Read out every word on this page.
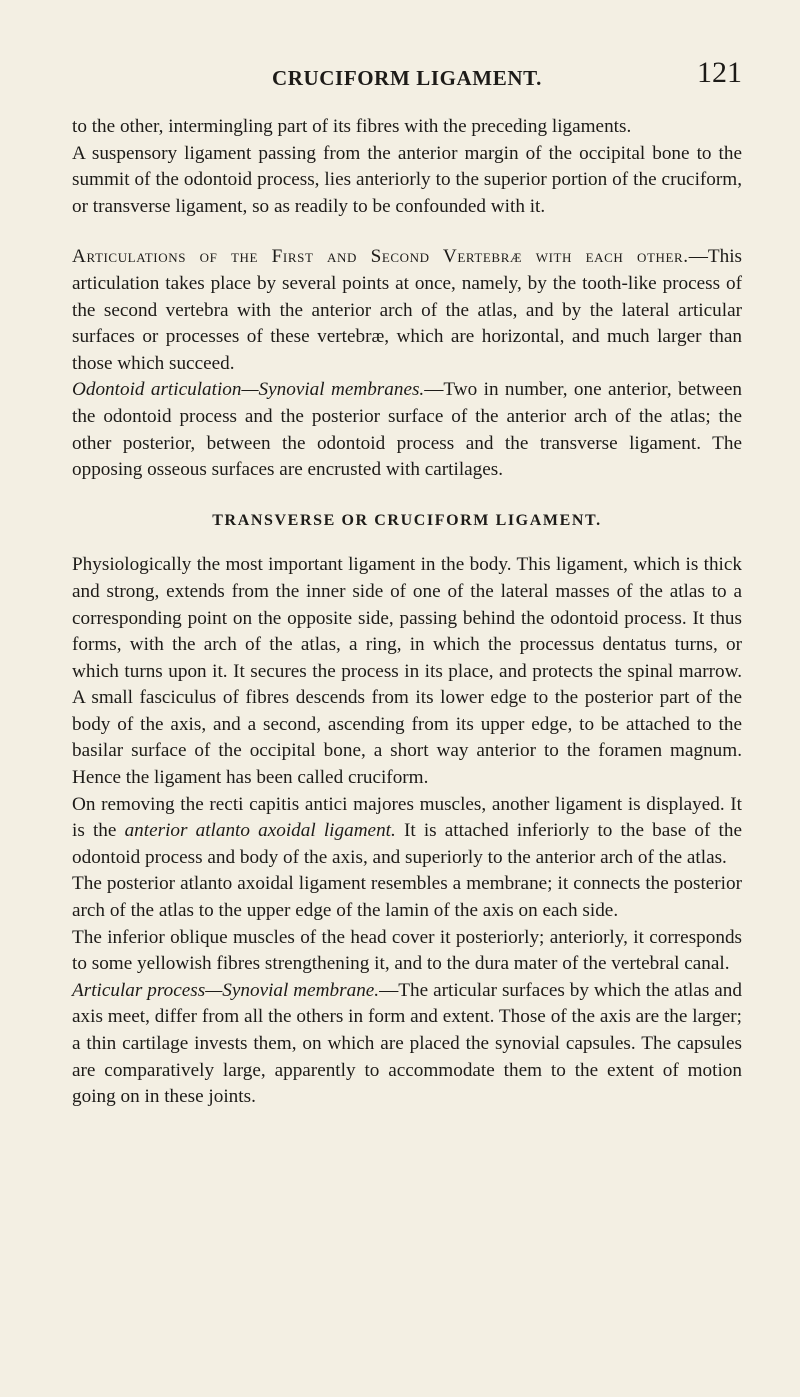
CRUCIFORM LIGAMENT.	121

to the other, intermingling part of its fibres with the preceding ligaments.

A suspensory ligament passing from the anterior margin of the occipital bone to the summit of the odontoid process, lies anteriorly to the superior portion of the cruciform, or transverse ligament, so as readily to be confounded with it.

Articulations of the First and Second Vertebræ with each other.—This articulation takes place by several points at once, namely, by the tooth-like process of the second vertebra with the anterior arch of the atlas, and by the lateral articular surfaces or processes of these vertebræ, which are horizontal, and much larger than those which succeed.

Odontoid articulation—Synovial membranes.—Two in number, one anterior, between the odontoid process and the posterior surface of the anterior arch of the atlas; the other posterior, between the odontoid process and the transverse ligament. The opposing osseous surfaces are encrusted with cartilages.

TRANSVERSE OR CRUCIFORM LIGAMENT.

Physiologically the most important ligament in the body. This ligament, which is thick and strong, extends from the inner side of one of the lateral masses of the atlas to a corresponding point on the opposite side, passing behind the odontoid process. It thus forms, with the arch of the atlas, a ring, in which the processus dentatus turns, or which turns upon it. It secures the process in its place, and protects the spinal marrow. A small fasciculus of fibres descends from its lower edge to the posterior part of the body of the axis, and a second, ascending from its upper edge, to be attached to the basilar surface of the occipital bone, a short way anterior to the foramen magnum. Hence the ligament has been called cruciform.

On removing the recti capitis antici majores muscles, another ligament is displayed. It is the anterior atlanto axoidal ligament. It is attached inferiorly to the base of the odontoid process and body of the axis, and superiorly to the anterior arch of the atlas.

The posterior atlanto axoidal ligament resembles a membrane; it connects the posterior arch of the atlas to the upper edge of the lamin of the axis on each side.

The inferior oblique muscles of the head cover it posteriorly; anteriorly, it corresponds to some yellowish fibres strengthening it, and to the dura mater of the vertebral canal.

Articular process—Synovial membrane.—The articular surfaces by which the atlas and axis meet, differ from all the others in form and extent. Those of the axis are the larger; a thin cartilage invests them, on which are placed the synovial capsules. The capsules are comparatively large, apparently to accommodate them to the extent of motion going on in these joints.
